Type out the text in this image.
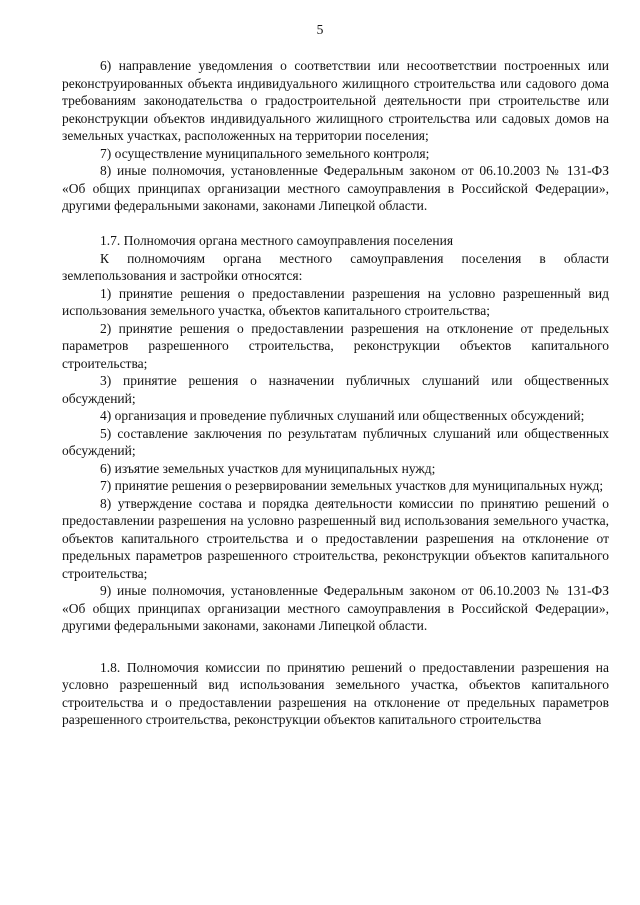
5

6) направление уведомления о соответствии или несоответствии построенных или реконструированных объекта индивидуального жилищного строительства или садового дома требованиям законодательства о градостроительной деятельности при строительстве или реконструкции объектов индивидуального жилищного строительства или садовых домов на земельных участках, расположенных на территории поселения;

7) осуществление муниципального земельного контроля;

8) иные полномочия, установленные Федеральным законом от 06.10.2003 № 131-ФЗ «Об общих принципах организации местного самоуправления в Российской Федерации», другими федеральными законами, законами Липецкой области.

1.7. Полномочия органа местного самоуправления поселения

К полномочиям органа местного самоуправления поселения в области землепользования и застройки относятся:

1) принятие решения о предоставлении разрешения на условно разрешенный вид использования земельного участка, объектов капитального строительства;

2) принятие решения о предоставлении разрешения на отклонение от предельных параметров разрешенного строительства, реконструкции объектов капитального строительства;

3) принятие решения о назначении публичных слушаний или общественных обсуждений;

4) организация и проведение публичных слушаний или общественных обсуждений;

5) составление заключения по результатам публичных слушаний или общественных обсуждений;

6) изъятие земельных участков для муниципальных нужд;

7) принятие решения о резервировании земельных участков для муниципальных нужд;

8) утверждение состава и порядка деятельности комиссии по принятию решений о предоставлении разрешения на условно разрешенный вид использования земельного участка, объектов капитального строительства и о предоставлении разрешения на отклонение от предельных параметров разрешенного строительства, реконструкции объектов капитального строительства;

9) иные полномочия, установленные Федеральным законом от 06.10.2003 № 131-ФЗ «Об общих принципах организации местного самоуправления в Российской Федерации», другими федеральными законами, законами Липецкой области.

1.8. Полномочия комиссии по принятию решений о предоставлении разрешения на условно разрешенный вид использования земельного участка, объектов капитального строительства и о предоставлении разрешения на отклонение от предельных параметров разрешенного строительства, реконструкции объектов капитального строительства
